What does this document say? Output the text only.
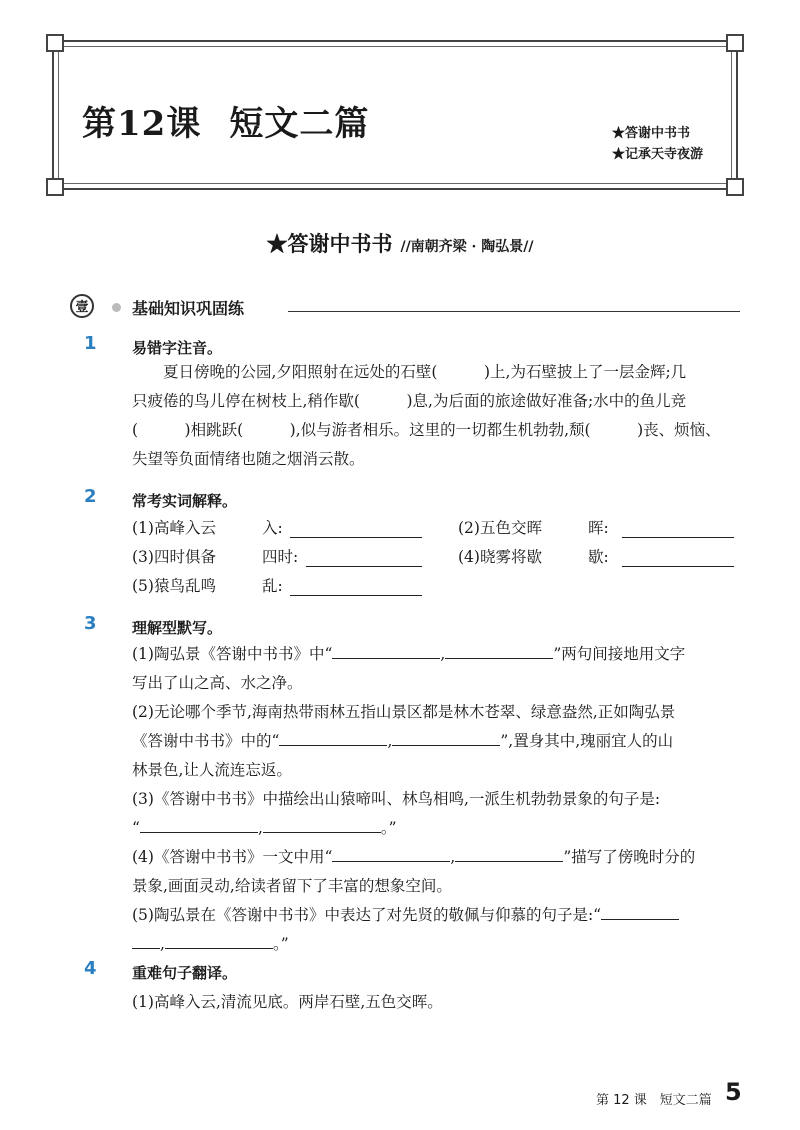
第12课 短文二篇	★答谢中书书
★记承天寺夜游
★答谢中书书 //南朝齐梁 · 陶弘景//
壹	基础知识巩固练
1 易错字注音。
夏日傍晚的公园,夕阳照射在远处的石壁(　　　)上,为石壁披上了一层金辉;几
只疲倦的鸟儿停在树枝上,稍作歇(　　　)息,为后面的旅途做好准备;水中的鱼儿竞
(　　　)相跳跃(　　　),似与游者相乐。这里的一切都生机勃勃,颓(　　　)丧、烦恼、
失望等负面情绪也随之烟消云散。
2 常考实词解释。
(1)高峰入云	入:	(2)五色交晖	晖:
(3)四时俱备	四时:	(4)晓雾将歇	歇:
(5)猿鸟乱鸣	乱:
3 理解型默写。
(1)陶弘景《答谢中书书》中“	,	”两句间接地用文字
写出了山之高、水之净。
(2)无论哪个季节,海南热带雨林五指山景区都是林木苍翠、绿意盎然,正如陶弘景
《答谢中书书》中的“	,	”,置身其中,瑰丽宜人的山
林景色,让人流连忘返。
(3)《答谢中书书》中描绘出山猿啼叫、林鸟相鸣,一派生机勃勃景象的句子是:
“	,	。”
(4)《答谢中书书》一文中用“	,	”描写了傍晚时分的
景象,画面灵动,给读者留下了丰富的想象空间。
(5)陶弘景在《答谢中书书》中表达了对先贤的敬佩与仰慕的句子是:“
,	。”
4 重难句子翻译。
(1)高峰入云,清流见底。两岸石壁,五色交晖。
第 12 课　短文二篇 5
